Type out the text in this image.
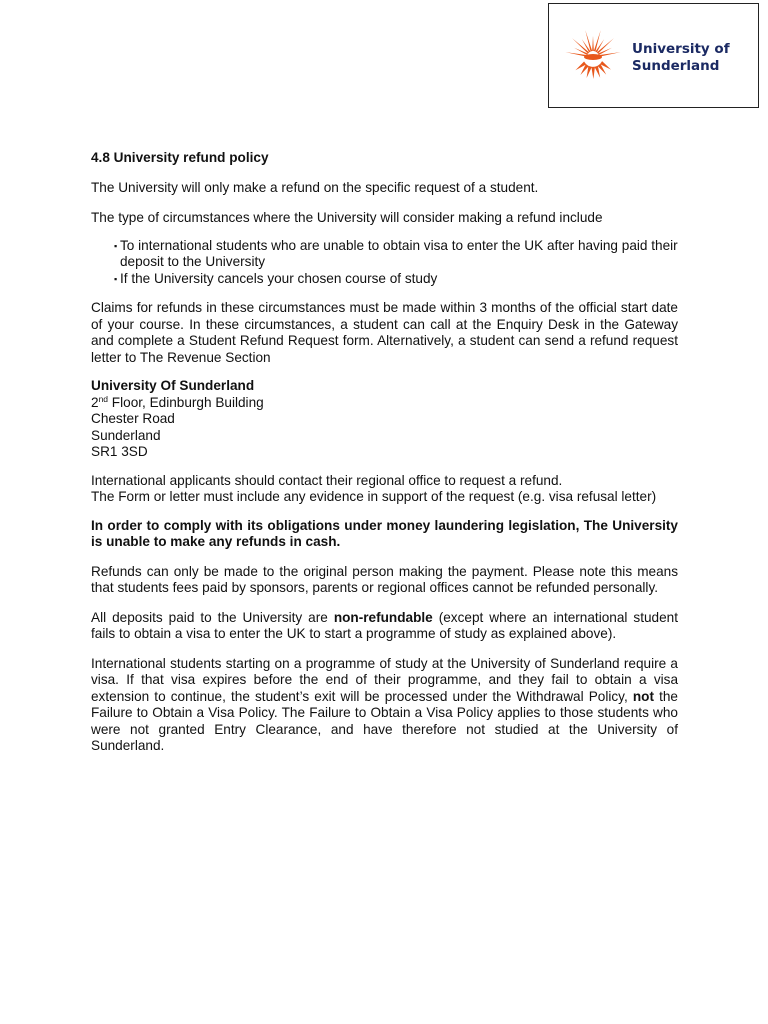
University of
Sunderland

4.8 University refund policy

The University will only make a refund on the specific request of a student.

The type of circumstances where the University will consider making a refund include

▪ To international students who are unable to obtain visa to enter the UK after having paid their deposit to the University
▪ If the University cancels your chosen course of study

Claims for refunds in these circumstances must be made within 3 months of the official start date of your course. In these circumstances, a student can call at the Enquiry Desk in the Gateway and complete a Student Refund Request form. Alternatively, a student can send a refund request letter to The Revenue Section

University Of Sunderland

2nd Floor, Edinburgh Building

Chester Road

Sunderland

SR1 3SD

International applicants should contact their regional office to request a refund.

The Form or letter must include any evidence in support of the request (e.g. visa refusal letter)

In order to comply with its obligations under money laundering legislation, The University is unable to make any refunds in cash.

Refunds can only be made to the original person making the payment. Please note this means that students fees paid by sponsors, parents or regional offices cannot be refunded personally.

All deposits paid to the University are non-refundable (except where an international student fails to obtain a visa to enter the UK to start a programme of study as explained above).

International students starting on a programme of study at the University of Sunderland require a visa. If that visa expires before the end of their programme, and they fail to obtain a visa extension to continue, the student’s exit will be processed under the Withdrawal Policy, not the Failure to Obtain a Visa Policy. The Failure to Obtain a Visa Policy applies to those students who were not granted Entry Clearance, and have therefore not studied at the University of Sunderland.
